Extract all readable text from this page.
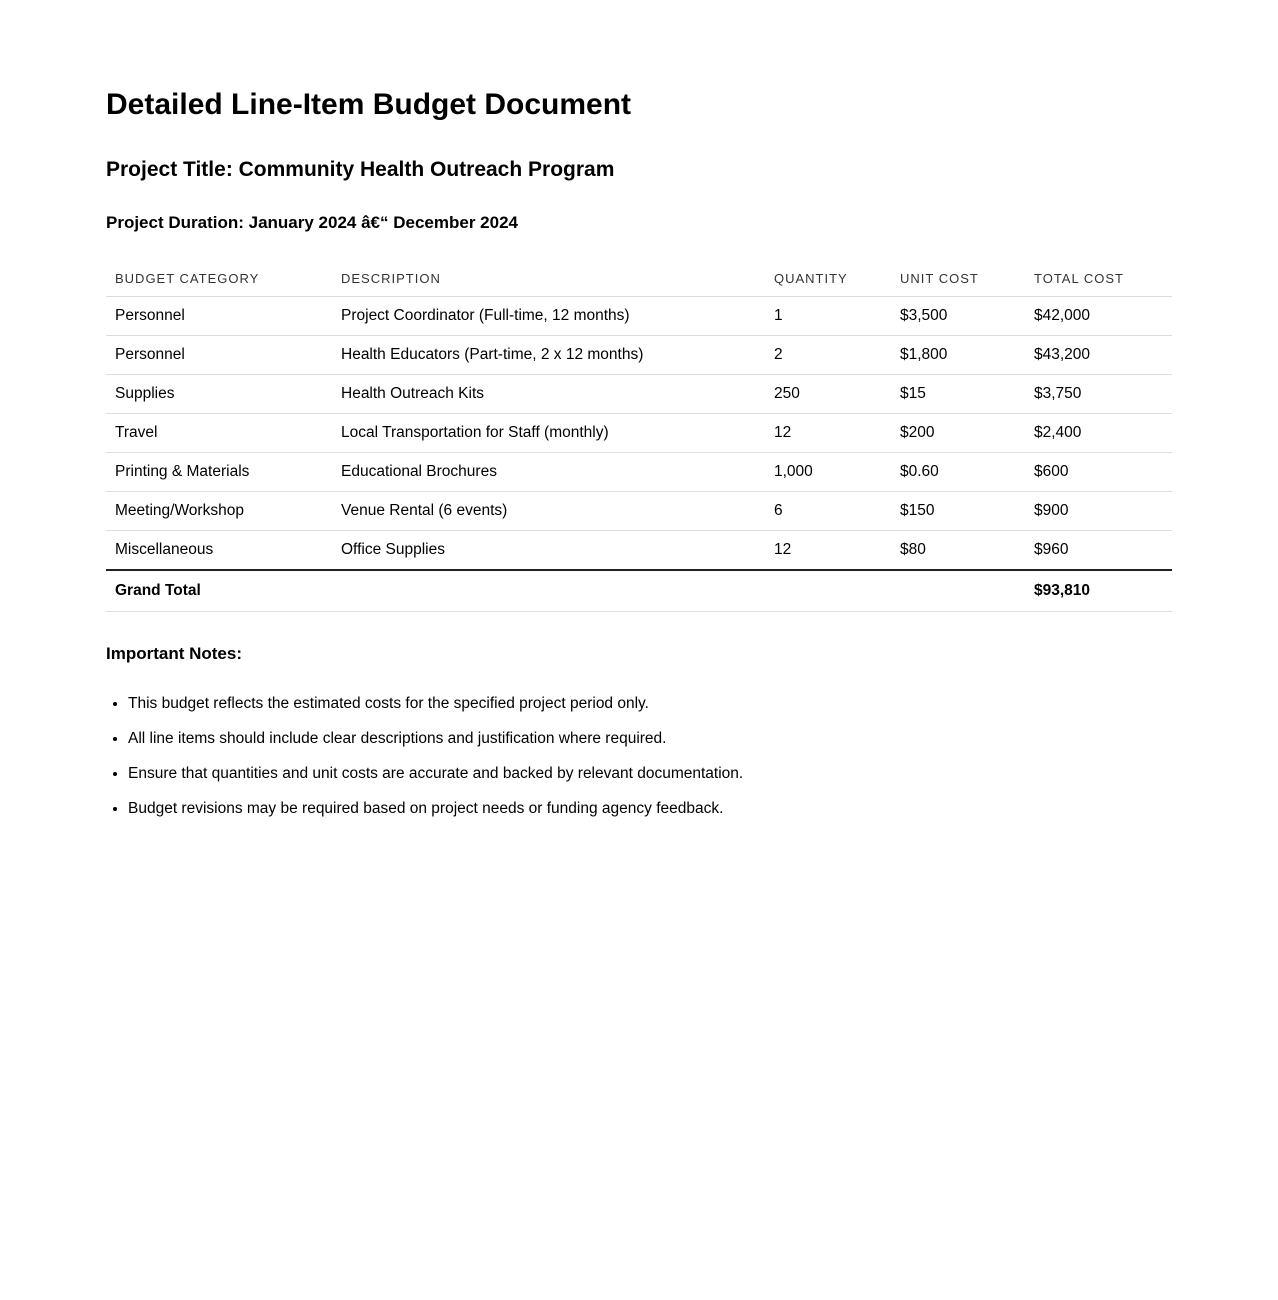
Detailed Line-Item Budget Document
Project Title: Community Health Outreach Program
Project Duration: January 2024 â€“ December 2024
BUDGET CATEGORY	DESCRIPTION	QUANTITY	UNIT COST	TOTAL COST
Personnel	Project Coordinator (Full-time, 12 months)	1	$3,500	$42,000
Personnel	Health Educators (Part-time, 2 x 12 months)	2	$1,800	$43,200
Supplies	Health Outreach Kits	250	$15	$3,750
Travel	Local Transportation for Staff (monthly)	12	$200	$2,400
Printing & Materials	Educational Brochures	1,000	$0.60	$600
Meeting/Workshop	Venue Rental (6 events)	6	$150	$900
Miscellaneous	Office Supplies	12	$80	$960
Grand Total				$93,810
Important Notes:
• This budget reflects the estimated costs for the specified project period only.
• All line items should include clear descriptions and justification where required.
• Ensure that quantities and unit costs are accurate and backed by relevant documentation.
• Budget revisions may be required based on project needs or funding agency feedback.
